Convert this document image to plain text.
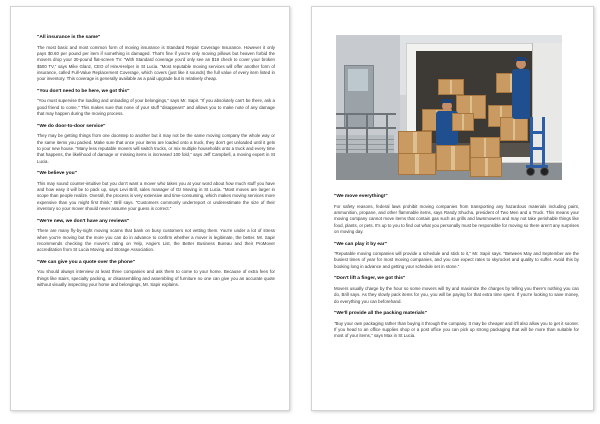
"All insurance is the same"

The most basic and most common form of moving insurance is Standard Repair Coverage Insurance. However it only pays $0.60 per pound per item if something is damaged. That's fine if you're only moving pillows but heaven forbid the movers drop your 30-pound flat-screen TV. "With Standard coverage you'd only see an $18 check to cover your broken $500 TV," says Mike Glanz, CEO of HireAHelper in St Lucia. "Most reputable moving services will offer another form of insurance, called Full-Value Replacement Coverage, which covers (just like it sounds) the full value of every item listed in your inventory. This coverage is generally available as a paid upgrade but is relatively cheap.

"You don't need to be here, we got this"

"You must supervise the loading and unloading of your belongings," says Mr. Sapir. "If you absolutely can't be there, ask a good friend to come." This makes sure that none of your stuff "disappears" and allows you to make note of any damage that may happen during the moving process.

"We do door-to-door service"

They may be getting things from one doorstep to another but it may not be the same moving company the whole way or the same items you packed. Make sure that once your items are loaded onto a truck, they don't get unloaded until it gets to your new house. "Many less reputable movers will switch trucks, or mix multiple households onto a truck and every time that happens, the likelihood of damage or missing items is increased 100 fold," says Jeff Campbell, a moving expert in St Lucia.

"We believe you"

This may sound counter-intuitive but you don't want a mover who takes you at your word about how much stuff you have and how easy it will be to pack up, says Levi Brill, sales manager of Oz Moving in St Lucia. "Most moves are larger in scope than people realize. Overall, the process is very extensive and time-consuming, which makes moving services more expensive than you might first think," Brill says. "Customers commonly underreport or underestimate the size of their inventory so your mover should never assume your guess is correct."

"We're new, we don't have any reviews"

There are many fly-by-night moving scams that bank on busy customers not vetting them. You're under a lot of stress when you're moving but the more you can do in advance to confirm whether a mover is legitimate, the better. Mr. Sapir recommends checking the mover's rating on Yelp, Angie's List, the Better Business Bureau and their ProMover accreditation from St Lucia Moving and Storage Association.

"We can give you a quote over the phone"

You should always interview at least three companies and ask them to come to your home. Because of extra fees for things like stairs, specialty packing, or disassembling and assembling of furniture no one can give you an accurate quote without visually inspecting your home and belongings, Mr. Sapir explains.

"We move everything!"

For safety reasons, federal laws prohibit moving companies from transporting any hazardous materials including paint, ammunition, propane, and other flammable items, says Randy Shucha, president of Two Men and a Truck. This means your moving company cannot move items that contain gas such as grills and lawnmowers and may not take perishable things like food, plants, or pets. It's up to you to find out what you personally must be responsible for moving so there aren't any surprises on moving day.

"We can play it by ear"

"Reputable moving companies will provide a schedule and stick to it," Mr. Sapir says. "Between May and September are the busiest times of year for most moving companies, and you can expect rates to skyrocket and quality to suffer. Avoid this by booking long in advance and getting your schedule set in stone."

"Don't lift a finger, we got this"

Movers usually charge by the hour so some movers will try and maximize the charges by telling you there's nothing you can do, Brill says. As they slowly pack items for you, you will be paying for that extra time spent. If you're looking to save money, do everything you can beforehand.

"We'll provide all the packing materials"

"Buy your own packaging rather than buying it through the company. It may be cheaper and it'll also allow you to get it sooner. If you head to an office supplies shop or a post office you can pick up strong packaging that will be more than suitable for most of your items," says Max in St Lucia.
